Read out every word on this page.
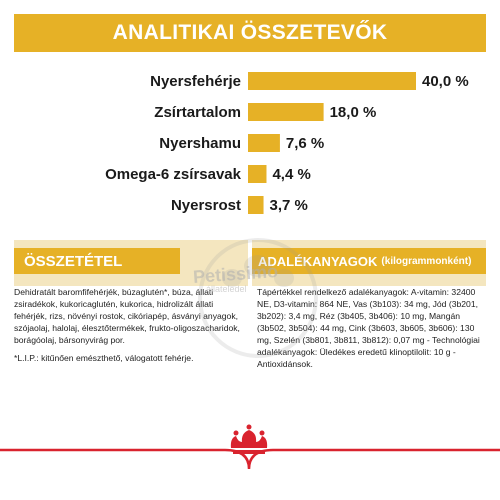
ANALITIKAI ÖSSZETEVŐK
Nyersfehérje	40,0 %
Zsírtartalom	18,0 %
Nyershamu	7,6 %
Omega-6 zsírsavak 4,4 %
Nyersrost 3,7 %
ÖSSZETÉTEL	ADALÉKANYAGOK (kilogrammonként)
Dehidratált baromfifehérjék, búzaglutén*, búza, állati zsiradékok, kukoricaglutén, kukorica, hidrolizált állati fehérjék, rizs, növényi rostok, cikóriapép, ásványi anyagok, szójaolaj, halolaj, élesztőtermékek, frukto-oligoszacharidok, borágóolaj, bársonyvirág por.
*L.I.P.: kitűnően emészthető, válogatott fehérje.
Tápértékkel rendelkező adalékanyagok: A-vitamin: 32400 NE, D3-vitamin: 864 NE, Vas (3b103): 34 mg, Jód (3b201, 3b202): 3,4 mg, Réz (3b405, 3b406): 10 mg, Mangán (3b502, 3b504): 44 mg, Cink (3b603, 3b605, 3b606): 130 mg, Szelén (3b801, 3b811, 3b812): 0,07 mg - Technológiai adalékanyagok: Üledékes eredetű klinoptilolit: 10 g - Antioxidánsok.
Petissimo
állateledel
